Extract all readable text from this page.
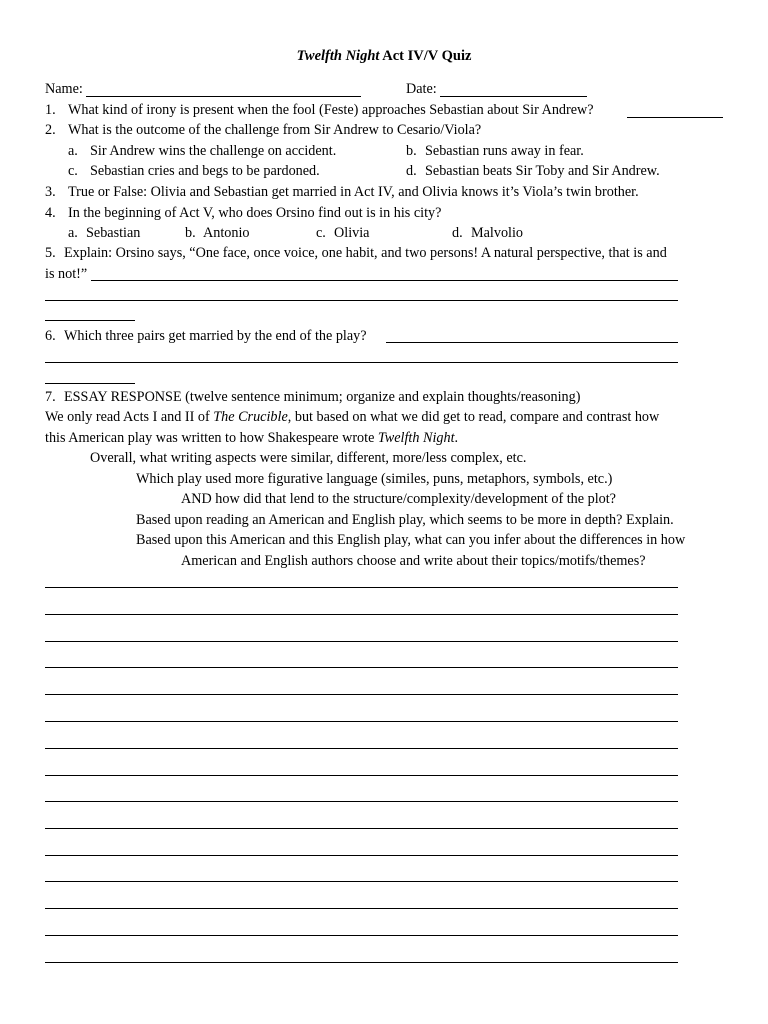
Twelfth Night Act IV/V Quiz
Name:	Date:
1. What kind of irony is present when the fool (Feste) approaches Sebastian about Sir Andrew?
2. What is the outcome of the challenge from Sir Andrew to Cesario/Viola?
a. Sir Andrew wins the challenge on accident.	b. Sebastian runs away in fear.
c. Sebastian cries and begs to be pardoned.	d. Sebastian beats Sir Toby and Sir Andrew.
3. True or False: Olivia and Sebastian get married in Act IV, and Olivia knows it’s Viola’s twin brother.
4. In the beginning of Act V, who does Orsino find out is in his city?
a. Sebastian	b. Antonio	c. Olivia	d. Malvolio
5. Explain: Orsino says, “One face, once voice, one habit, and two persons! A natural perspective, that is and
is not!”
6. Which three pairs get married by the end of the play?
7. ESSAY RESPONSE (twelve sentence minimum; organize and explain thoughts/reasoning)
We only read Acts I and II of The Crucible, but based on what we did get to read, compare and contrast how
this American play was written to how Shakespeare wrote Twelfth Night.
Overall, what writing aspects were similar, different, more/less complex, etc.
Which play used more figurative language (similes, puns, metaphors, symbols, etc.)
AND how did that lend to the structure/complexity/development of the plot?
Based upon reading an American and English play, which seems to be more in depth? Explain.
Based upon this American and this English play, what can you infer about the differences in how
American and English authors choose and write about their topics/motifs/themes?
